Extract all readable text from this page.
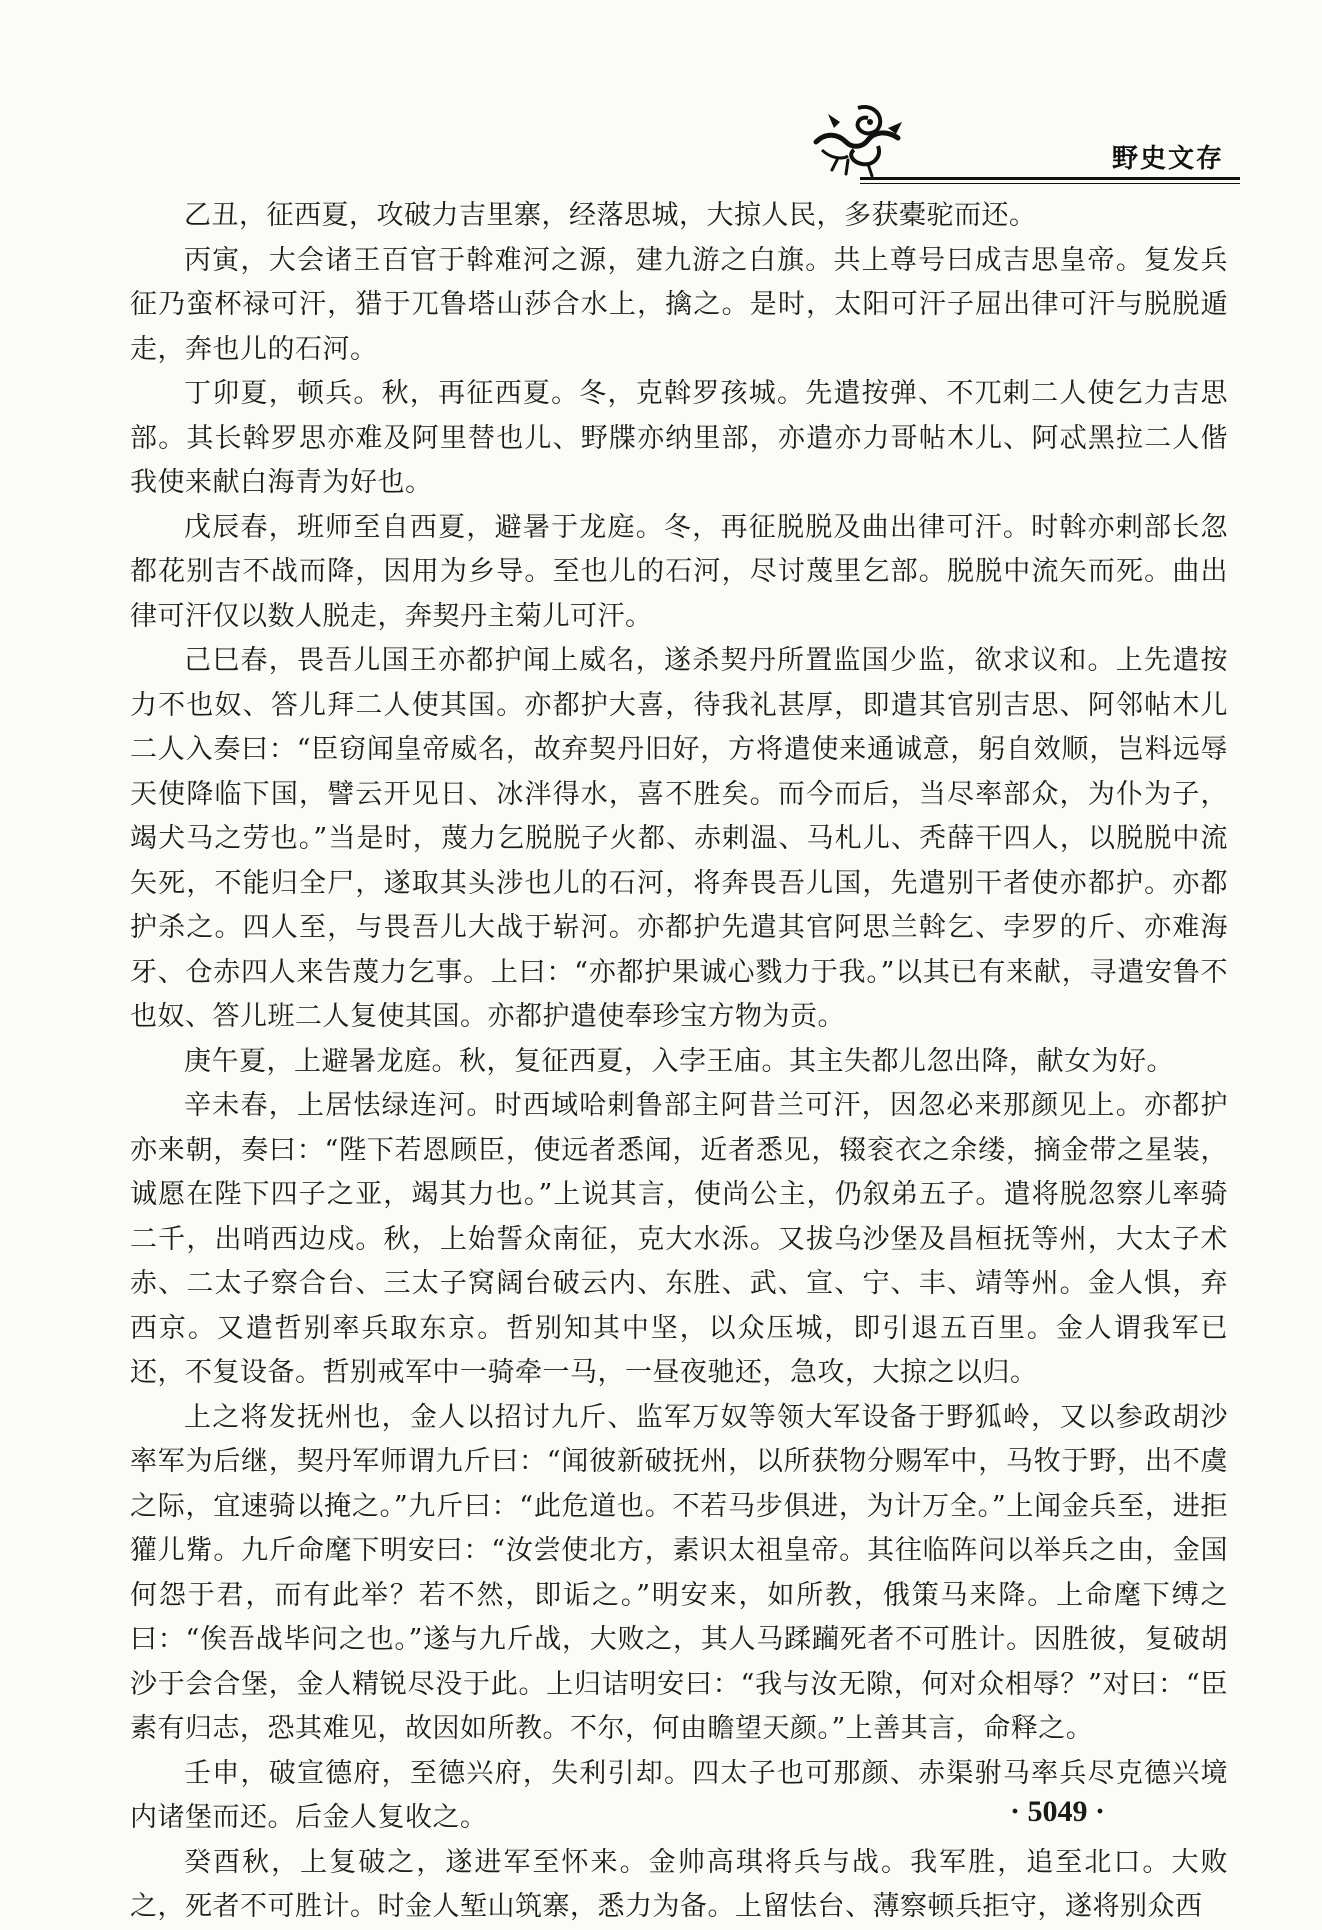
野史文存

乙丑，征西夏，攻破力吉里寨，经落思城，大掠人民，多获橐驼而还。

丙寅，大会诸王百官于斡难河之源，建九游之白旗。共上尊号曰成吉思皇帝。复发兵征乃蛮杯禄可汗，猎于兀鲁塔山莎合水上，擒之。是时，太阳可汗子屈出律可汗与脱脱遁走，奔也儿的石河。

丁卯夏，顿兵。秋，再征西夏。冬，克斡罗孩城。先遣按弹、不兀剌二人使乞力吉思部。其长斡罗思亦难及阿里替也儿、野牒亦纳里部，亦遣亦力哥帖木儿、阿忒黑拉二人偕我使来献白海青为好也。

戊辰春，班师至自西夏，避暑于龙庭。冬，再征脱脱及曲出律可汗。时斡亦剌部长忽都花别吉不战而降，因用为乡导。至也儿的石河，尽讨蔑里乞部。脱脱中流矢而死。曲出律可汗仅以数人脱走，奔契丹主菊儿可汗。

己巳春，畏吾儿国王亦都护闻上威名，遂杀契丹所置监国少监，欲求议和。上先遣按力不也奴、答儿拜二人使其国。亦都护大喜，待我礼甚厚，即遣其官别吉思、阿邻帖木儿二人入奏曰：“臣窃闻皇帝威名，故弃契丹旧好，方将遣使来通诚意，躬自效顺，岂料远辱天使降临下国，譬云开见日、冰泮得水，喜不胜矣。而今而后，当尽率部众，为仆为子，竭犬马之劳也。”当是时，蔑力乞脱脱子火都、赤剌温、马札儿、秃薛干四人，以脱脱中流矢死，不能归全尸，遂取其头涉也儿的石河，将奔畏吾儿国，先遣别干者使亦都护。亦都护杀之。四人至，与畏吾儿大战于崭河。亦都护先遣其官阿思兰斡乞、孛罗的斤、亦难海牙、仓赤四人来告蔑力乞事。上曰：“亦都护果诚心戮力于我。”以其已有来献，寻遣安鲁不也奴、答儿班二人复使其国。亦都护遣使奉珍宝方物为贡。

庚午夏，上避暑龙庭。秋，复征西夏，入孛王庙。其主失都儿忽出降，献女为好。

辛未春，上居怯绿连河。时西域哈剌鲁部主阿昔兰可汗，因忽必来那颜见上。亦都护亦来朝，奏曰：“陛下若恩顾臣，使远者悉闻，近者悉见，辍衮衣之余缕，摘金带之星装，诚愿在陛下四子之亚，竭其力也。”上说其言，使尚公主，仍叙弟五子。遣将脱忽察儿率骑二千，出哨西边戍。秋，上始誓众南征，克大水泺。又拔乌沙堡及昌桓抚等州，大太子术赤、二太子察合台、三太子窝阔台破云内、东胜、武、宣、宁、丰、靖等州。金人惧，弃西京。又遣哲别率兵取东京。哲别知其中坚，以众压城，即引退五百里。金人谓我军已还，不复设备。哲别戒军中一骑牵一马，一昼夜驰还，急攻，大掠之以归。

上之将发抚州也，金人以招讨九斤、监军万奴等领大军设备于野狐岭，又以参政胡沙率军为后继，契丹军师谓九斤曰：“闻彼新破抚州，以所获物分赐军中，马牧于野，出不虞之际，宜速骑以掩之。”九斤曰：“此危道也。不若马步俱进，为计万全。”上闻金兵至，进拒獾儿觜。九斤命麾下明安曰：“汝尝使北方，素识太祖皇帝。其往临阵问以举兵之由，金国何怨于君，而有此举？若不然，即诟之。”明安来，如所教，俄策马来降。上命麾下缚之曰：“俟吾战毕问之也。”遂与九斤战，大败之，其人马蹂躏死者不可胜计。因胜彼，复破胡沙于会合堡，金人精锐尽没于此。上归诘明安曰：“我与汝无隙，何对众相辱？”对曰：“臣素有归志，恐其难见，故因如所教。不尔，何由瞻望天颜。”上善其言，命释之。

壬申，破宣德府，至德兴府，失利引却。四太子也可那颜、赤渠驸马率兵尽克德兴境内诸堡而还。后金人复收之。

癸酉秋，上复破之，遂进军至怀来。金帅高琪将兵与战。我军胜，追至北口。大败之，死者不可胜计。时金人堑山筑寨，悉力为备。上留怯台、薄察顿兵拒守，遂将别众西

· 5049 ·
